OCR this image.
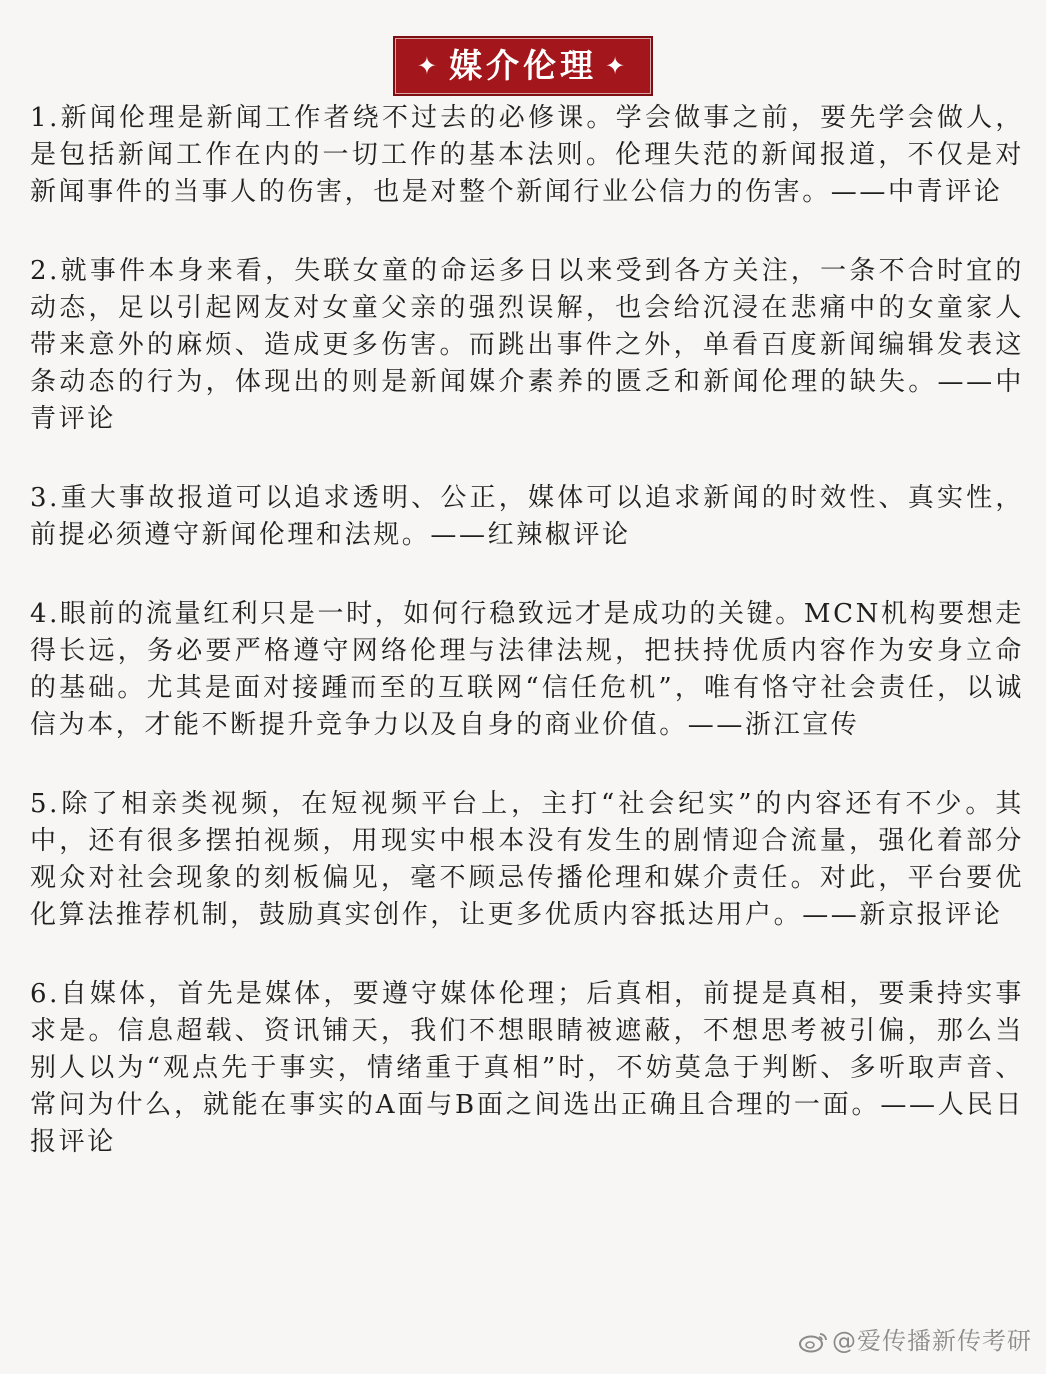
✦ 媒介伦理 ✦

1.新闻伦理是新闻工作者绕不过去的必修课。学会做事之前，要先学会做人，是包括新闻工作在内的一切工作的基本法则。伦理失范的新闻报道，不仅是对新闻事件的当事人的伤害，也是对整个新闻行业公信力的伤害。——中青评论

2.就事件本身来看，失联女童的命运多日以来受到各方关注，一条不合时宜的动态，足以引起网友对女童父亲的强烈误解，也会给沉浸在悲痛中的女童家人带来意外的麻烦、造成更多伤害。而跳出事件之外，单看百度新闻编辑发表这条动态的行为，体现出的则是新闻媒介素养的匮乏和新闻伦理的缺失。——中青评论

3.重大事故报道可以追求透明、公正，媒体可以追求新闻的时效性、真实性，前提必须遵守新闻伦理和法规。——红辣椒评论

4.眼前的流量红利只是一时，如何行稳致远才是成功的关键。MCN机构要想走得长远，务必要严格遵守网络伦理与法律法规，把扶持优质内容作为安身立命的基础。尤其是面对接踵而至的互联网“信任危机”，唯有恪守社会责任，以诚信为本，才能不断提升竞争力以及自身的商业价值。——浙江宣传

5.除了相亲类视频，在短视频平台上，主打“社会纪实”的内容还有不少。其中，还有很多摆拍视频，用现实中根本没有发生的剧情迎合流量，强化着部分观众对社会现象的刻板偏见，毫不顾忌传播伦理和媒介责任。对此，平台要优化算法推荐机制，鼓励真实创作，让更多优质内容抵达用户。——新京报评论

6.自媒体，首先是媒体，要遵守媒体伦理；后真相，前提是真相，要秉持实事求是。信息超载、资讯铺天，我们不想眼睛被遮蔽，不想思考被引偏，那么当别人以为“观点先于事实，情绪重于真相”时，不妨莫急于判断、多听取声音、常问为什么，就能在事实的A面与B面之间选出正确且合理的一面。——人民日报评论

@爱传播新传考研
